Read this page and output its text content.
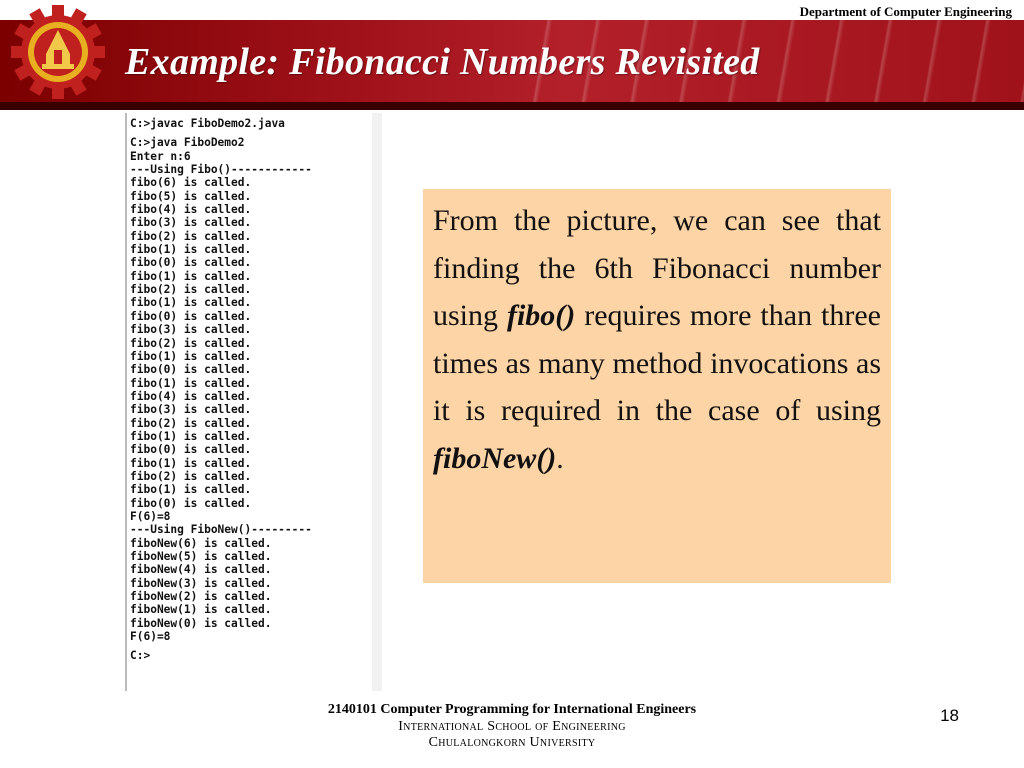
Department of Computer Engineering
Example: Fibonacci Numbers Revisited
C:>javac FiboDemo2.java
C:>java FiboDemo2
Enter n:6
---Using Fibo()------------
fibo(6) is called.
fibo(5) is called.
fibo(4) is called.
fibo(3) is called.
fibo(2) is called.
fibo(1) is called.
fibo(0) is called.
fibo(1) is called.
fibo(2) is called.
fibo(1) is called.
fibo(0) is called.
fibo(3) is called.
fibo(2) is called.
fibo(1) is called.
fibo(0) is called.
fibo(1) is called.
fibo(4) is called.
fibo(3) is called.
fibo(2) is called.
fibo(1) is called.
fibo(0) is called.
fibo(1) is called.
fibo(2) is called.
fibo(1) is called.
fibo(0) is called.
F(6)=8
---Using FiboNew()---------
fiboNew(6) is called.
fiboNew(5) is called.
fiboNew(4) is called.
fiboNew(3) is called.
fiboNew(2) is called.
fiboNew(1) is called.
fiboNew(0) is called.
F(6)=8
C:>

From the picture, we can see that finding the 6th Fibonacci number using fibo() requires more than three times as many method invocations as it is required in the case of using fiboNew().

2140101 Computer Programming for International Engineers
International School of Engineering
Chulalongkorn University
18
